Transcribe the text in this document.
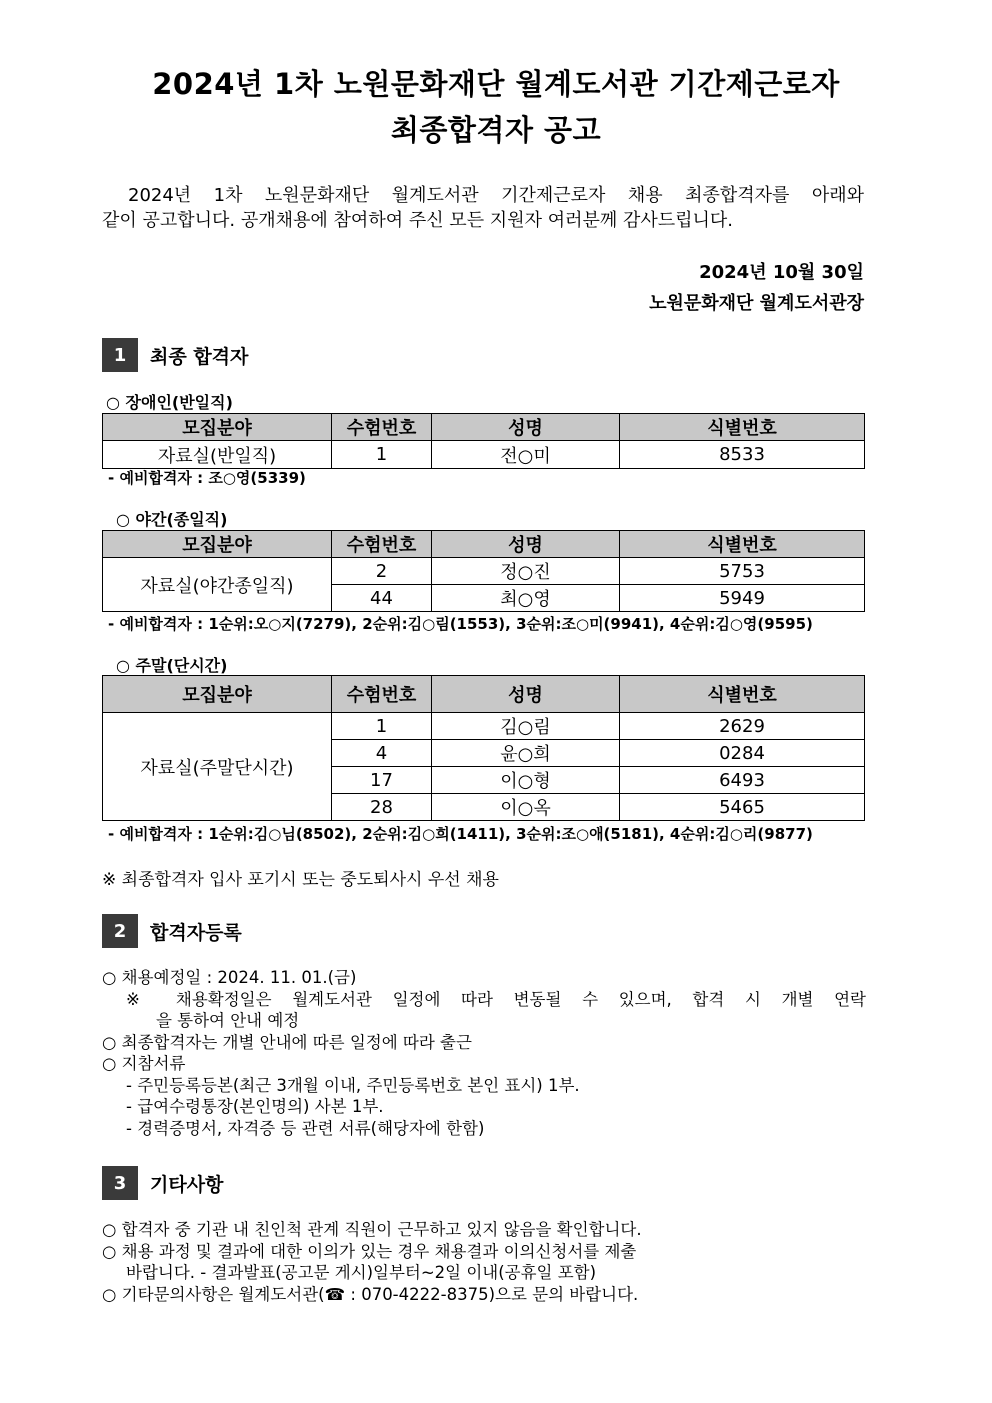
2024년 1차 노원문화재단 월계도서관 기간제근로자
최종합격자 공고

2024년 1차 노원문화재단 월계도서관 기간제근로자 채용 최종합격자를 아래와

같이 공고합니다. 공개채용에 참여하여 주신 모든 지원자 여러분께 감사드립니다.

2024년 10월 30일
노원문화재단 월계도서관장
1	최종 합격자
○ 장애인(반일직)
모집분야	수험번호	성명	식별번호
자료실(반일직)	1	전○미	8533
- 예비합격자 : 조○영(5339)
○ 야간(종일직)
모집분야	수험번호	성명	식별번호
자료실(야간종일직)	2	정○진	5753
	44	최○영	5949
- 예비합격자 : 1순위:오○지(7279), 2순위:김○림(1553), 3순위:조○미(9941), 4순위:김○영(9595)
○ 주말(단시간)
모집분야	수험번호	성명	식별번호
자료실(주말단시간)	1	김○림	2629
	4	윤○희	0284
	17	이○형	6493
	28	이○옥	5465
- 예비합격자 : 1순위:김○님(8502), 2순위:김○희(1411), 3순위:조○애(5181), 4순위:김○리(9877)
※ 최종합격자 입사 포기시 또는 중도퇴사시 우선 채용
2	합격자등록

○ 채용예정일 : 2024. 11. 01.(금)

※ 채용확정일은 월계도서관 일정에 따라 변동될 수 있으며, 합격 시 개별 연락

을 통하여 안내 예정

○ 최종합격자는 개별 안내에 따른 일정에 따라 출근

○ 지참서류

- 주민등록등본(최근 3개월 이내, 주민등록번호 본인 표시) 1부.

- 급여수령통장(본인명의) 사본 1부.

- 경력증명서, 자격증 등 관련 서류(해당자에 한함)

3	기타사항

○ 합격자 중 기관 내 친인척 관계 직원이 근무하고 있지 않음을 확인합니다.

○ 채용 과정 및 결과에 대한 이의가 있는 경우 채용결과 이의신청서를 제출

바랍니다. - 결과발표(공고문 게시)일부터~2일 이내(공휴일 포함)

○ 기타문의사항은 월계도서관(☎ : 070-4222-8375)으로 문의 바랍니다.
